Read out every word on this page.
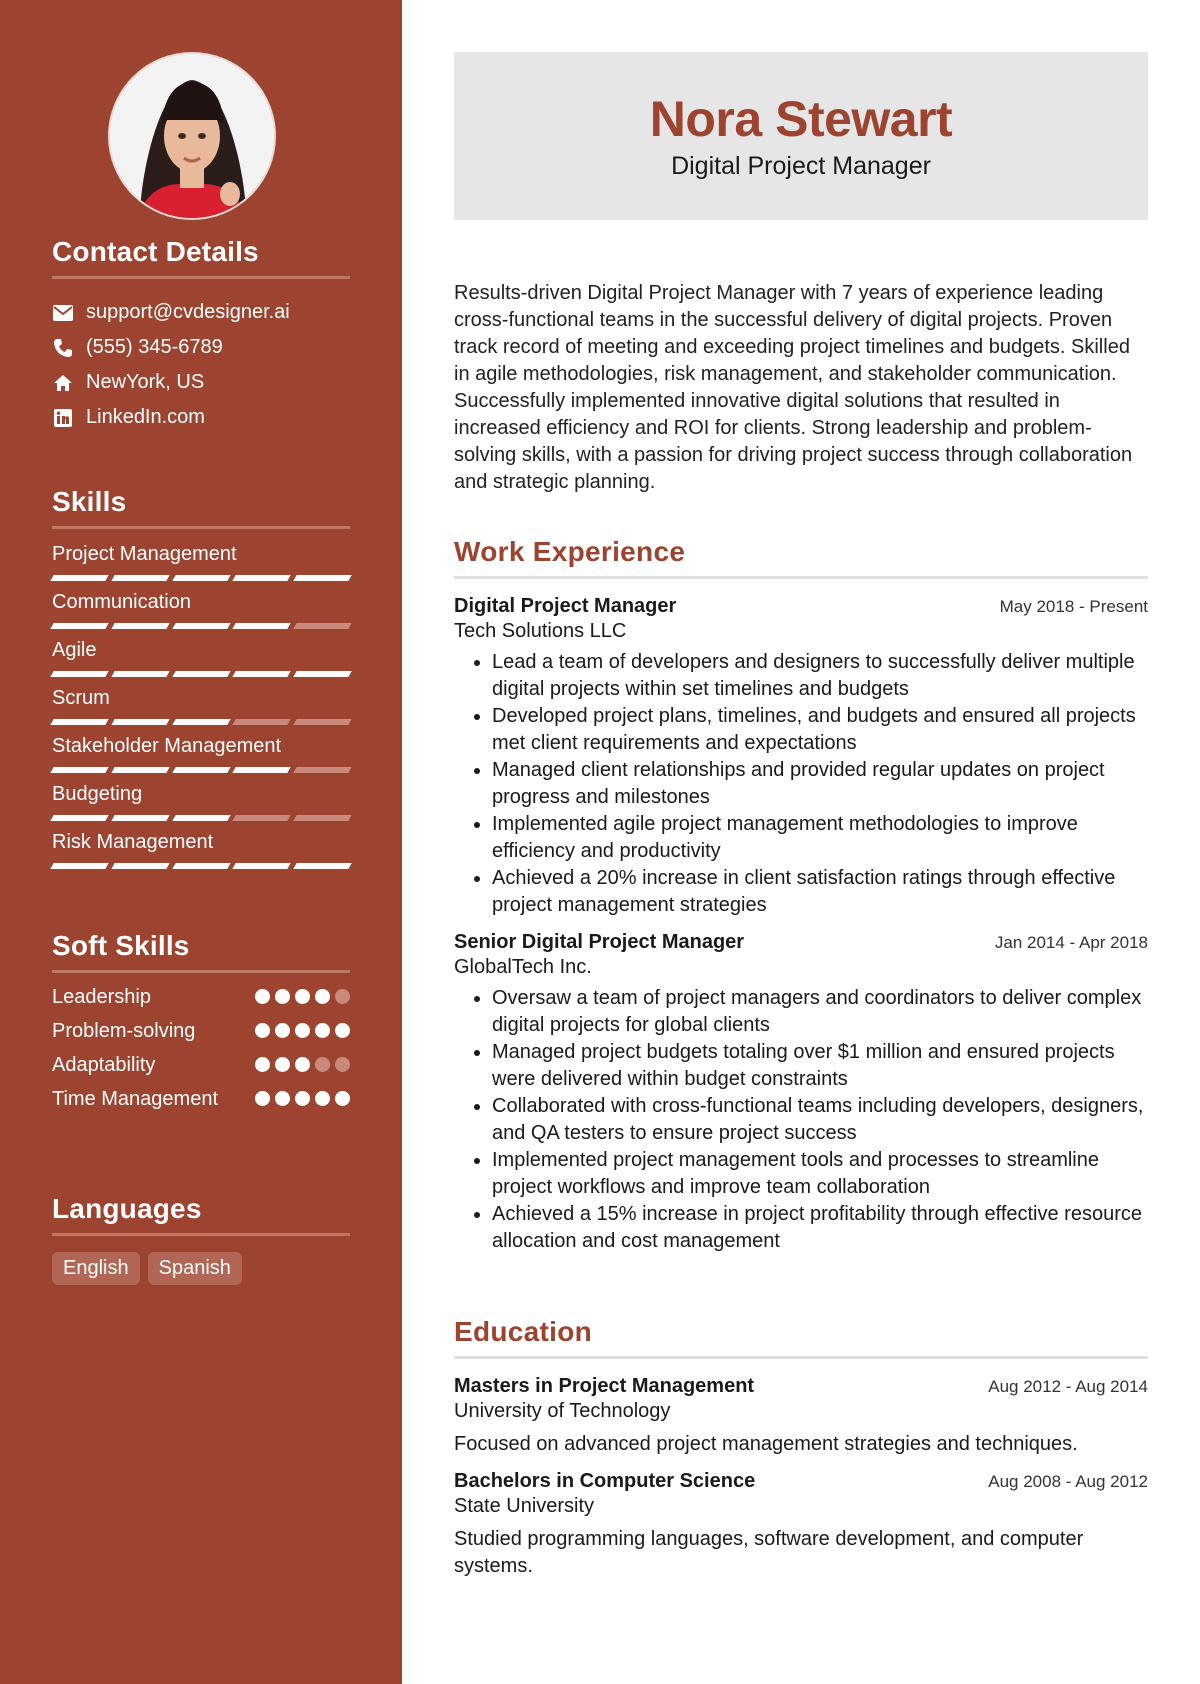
Contact Details
support@cvdesigner.ai
(555) 345-6789
NewYork, US
LinkedIn.com
Skills
Project Management
Communication
Agile
Scrum
Stakeholder Management
Budgeting
Risk Management
Soft Skills
Leadership
Problem-solving
Adaptability
Time Management
Languages
English	Spanish
Nora Stewart
Digital Project Manager

Results-driven Digital Project Manager with 7 years of experience leading cross-functional teams in the successful delivery of digital projects. Proven track record of meeting and exceeding project timelines and budgets. Skilled in agile methodologies, risk management, and stakeholder communication. Successfully implemented innovative digital solutions that resulted in increased efficiency and ROI for clients. Strong leadership and problem-solving skills, with a passion for driving project success through collaboration and strategic planning.

Work Experience
Digital Project Manager	May 2018 - Present
Tech Solutions LLC
• Lead a team of developers and designers to successfully deliver multiple digital projects within set timelines and budgets
• Developed project plans, timelines, and budgets and ensured all projects met client requirements and expectations
• Managed client relationships and provided regular updates on project progress and milestones
• Implemented agile project management methodologies to improve efficiency and productivity
• Achieved a 20% increase in client satisfaction ratings through effective project management strategies
Senior Digital Project Manager	Jan 2014 - Apr 2018
GlobalTech Inc.
• Oversaw a team of project managers and coordinators to deliver complex digital projects for global clients
• Managed project budgets totaling over $1 million and ensured projects were delivered within budget constraints
• Collaborated with cross-functional teams including developers, designers, and QA testers to ensure project success
• Implemented project management tools and processes to streamline project workflows and improve team collaboration
• Achieved a 15% increase in project profitability through effective resource allocation and cost management
Education
Masters in Project Management	Aug 2012 - Aug 2014
University of Technology
Focused on advanced project management strategies and techniques.
Bachelors in Computer Science	Aug 2008 - Aug 2012
State University
Studied programming languages, software development, and computer systems.
